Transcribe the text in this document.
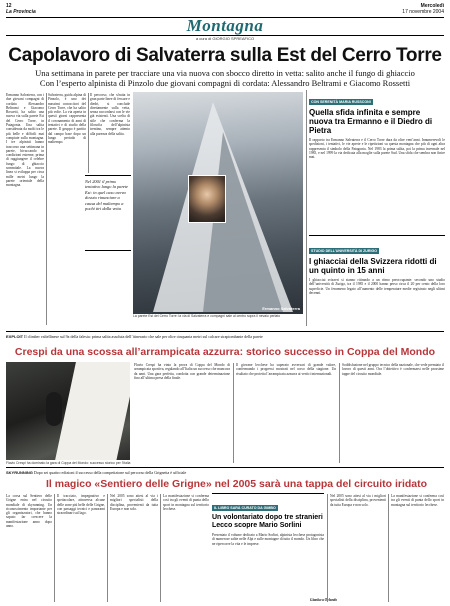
12
La Provincia
Mercoledì
17 novembre 2004
Montagna
a cura di GIORGIO SPREAFICO
Capolavoro di Salvaterra sulla Est del Cerro Torre
Una settimana in parete per tracciare una via nuova con sbocco diretto in vetta: salito anche il fungo di ghiaccio
Con l’esperto alpinista di Pinzolo due giovani compagni di cordata: Alessandro Beltrami e Giacomo Rossetti
Ermanno Salvaterra, con i due giovani compagni di cordata Alessandro Beltrami e Giacomo Rossetti, ha salito una nuova via sulla parete Est del Cerro Torre, in Patagonia. Una salita considerata da molti tra le più belle e difficili mai compiute sulla montagna. I tre alpinisti hanno trascorso una settimana in parete, bivaccando in condizioni estreme, prima di raggiungere il celebre fungo di ghiaccio sommitale. La nuova linea si sviluppa per circa mille metri lungo la parete orientale della montagna.
Salvaterra, guida alpina di Pinzolo, è uno dei massimi conoscitori del Cerro Torre, che ha salito più volte. La via aperta in questi giorni rappresenta il coronamento di anni di tentativi e di studio della parete. Il gruppo è partito dal campo base dopo un lungo periodo di maltempo.
Il percorso, che sfrutta in gran parte linee di fessure e diedri, si conclude direttamente sulla vetta, senza raccordarsi con le vie già esistenti. Una scelta di stile che conferma la filosofia dell’alpinista trentino, sempre attento alla purezza della salita.
Nel 2001 il primo tentativo lungo la parete Est: in quel caso aveva dovuto rinunciare a causa del maltempo a pochi tiri dalla vetta
Ermanno Salvaterra
La parete Est del Cerro Torre: la via di Salvaterra e compagni sale al centro sopra il nevaio perlato
CON SERENITÀ MARIA RUSSCONI
Quella sfida infinita e sempre nuova tra Ermanno e il Diedro di Pietra
Il rapporto tra Ermanno Salvaterra e il Cerro Torre dura da oltre vent’anni. Innumerevoli le spedizioni, i tentativi, le vie aperte e le ripetizioni su questa montagna che più di ogni altra rappresenta il simbolo della Patagonia. Nel 1983 la prima salita, poi la prima invernale nel 1985, e nel 1999 la via dedicata alla moglie sulla parete Sud. Una sfida che sembra non finire mai.
STUDIO DELL’UNIVERSITÀ DI ZURIGO
I ghiacciai della Svizzera ridotti di un quinto in 15 anni
I ghiacciai svizzeri si stanno ritirando a un ritmo preoccupante: secondo uno studio dell’università di Zurigo, tra il 1985 e il 2000 hanno perso circa il 20 per cento della loro superficie. Un fenomeno legato all’aumento delle temperature medie registrato negli ultimi decenni.
EXPLOIT Il climber valtellinese sul 9a della falesia: prima salita assoluta dell’itinerario che sale per oltre cinquanta metri sul calcare strapiombante della parete
Crespi da una scossa all’arrampicata azzurra: storico successo in Coppa del Mondo
Flavio Crespi ha dominato la gara di Coppa del Mondo: successo storico per l’Italia
Flavio Crespi ha vinto la prova di Coppa del Mondo di arrampicata sportiva, regalando all’Italia un successo che mancava da anni. Una gara perfetta, condotta con grande determinazione fino all’ultima presa della finale.
Il giovane lecchese ha superato avversari di grande valore, confermando i progressi mostrati nel corso della stagione. Un risultato che proietta l’arrampicata azzurra ai vertici internazionali.
Soddisfazione nel gruppo tecnico della nazionale, che vede premiato il lavoro di questi anni. Ora l’obiettivo è confermarsi nelle prossime tappe del circuito mondiale.
SKYRUNNING Dopo sei quattro edizioni il successo della competizione sul percorso della Grignetta è ufficiale
Il magico «Sentiero delle Grigne» nel 2005 sarà una tappa del circuito iridato
La corsa sul Sentiero delle Grigne entra nel circuito mondiale di skyrunning. Un riconoscimento importante per gli organizzatori, che hanno saputo far crescere la manifestazione anno dopo anno.
Il tracciato, impegnativo e spettacolare, attraversa alcune delle zone più belle delle Grigne, con passaggi tecnici e panorami straordinari sul lago.
Nel 2005 sono attesi al via i migliori specialisti della disciplina, provenienti da tutta Europa e non solo.
La manifestazione si conferma così tra gli eventi di punta dello sport in montagna sul territorio lecchese.	IL LIBRO SARÀ CURATO DA GIMBO
Un volontariato dopo tre stranieri Lecco scopre Mario Sorlini
Presentato il volume dedicato a Mario Sorlini, alpinista lecchese protagonista di numerose salite nelle Alpi e sulle montagne di tutto il mondo. Un libro che ne ripercorre la vita e le imprese.
Gianluca Orlando
Nel 2005 sono attesi al via i migliori specialisti della disciplina, provenienti da tutta Europa e non solo.
La manifestazione si conferma così tra gli eventi di punta dello sport in montagna sul territorio lecchese.
